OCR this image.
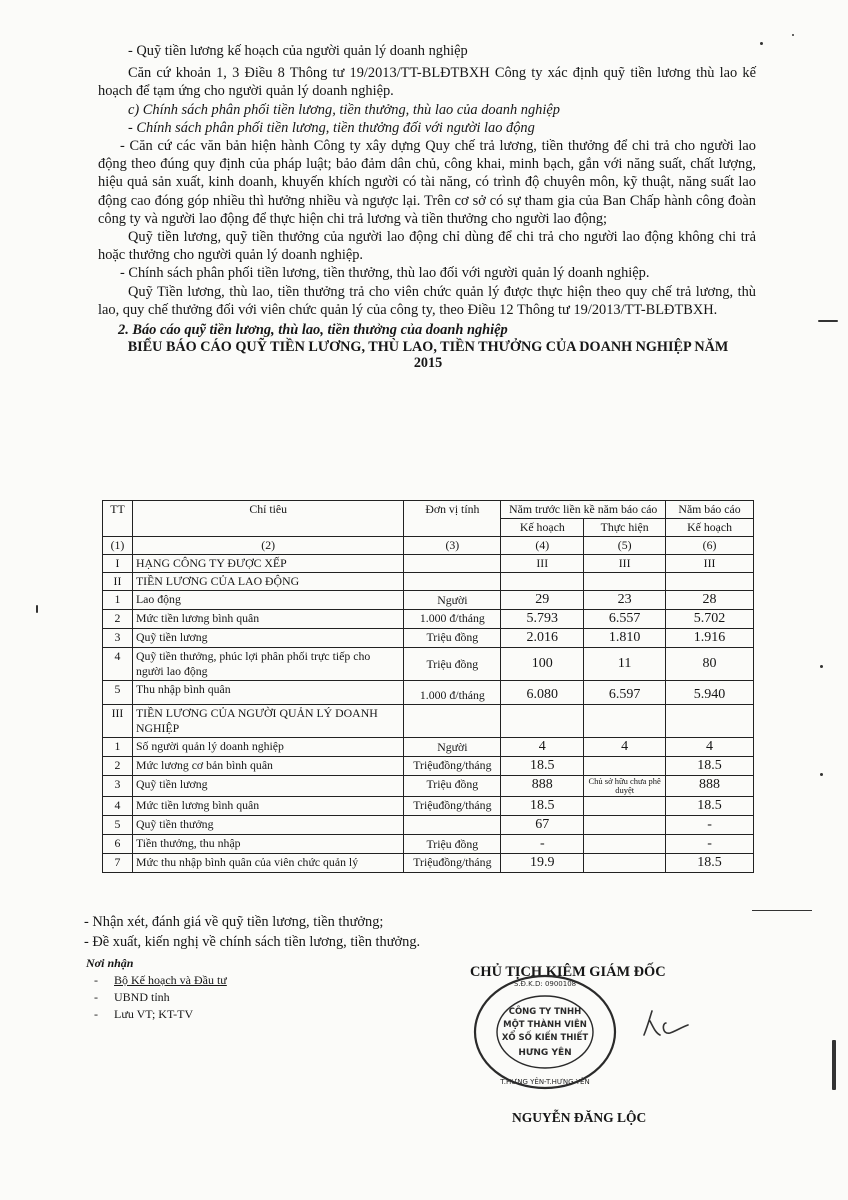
- Quỹ tiền lương kế hoạch của người quản lý doanh nghiệp

Căn cứ khoản 1, 3 Điều 8 Thông tư 19/2013/TT-BLĐTBXH Công ty xác định quỹ tiền lương thù lao kế hoạch để tạm ứng cho người quản lý doanh nghiệp.

c) Chính sách phân phối tiền lương, tiền thưởng, thù lao của doanh nghiệp

- Chính sách phân phối tiền lương, tiền thưởng đối với người lao động

- Căn cứ các văn bản hiện hành Công ty xây dựng Quy chế trả lương, tiền thưởng để chi trả cho người lao động theo đúng quy định của pháp luật; bảo đảm dân chủ, công khai, minh bạch, gắn với năng suất, chất lượng, hiệu quả sản xuất, kinh doanh, khuyến khích người có tài năng, có trình độ chuyên môn, kỹ thuật, năng suất lao động cao đóng góp nhiều thì hưởng nhiều và ngược lại. Trên cơ sở có sự tham gia của Ban Chấp hành công đoàn công ty và người lao động để thực hiện chi trả lương và tiền thưởng cho người lao động;

Quỹ tiền lương, quỹ tiền thưởng của người lao động chỉ dùng để chi trả cho người lao động không chi trả hoặc thưởng cho người quản lý doanh nghiệp.

- Chính sách phân phối tiền lương, tiền thưởng, thù lao đối với người quản lý doanh nghiệp.

Quỹ Tiền lương, thù lao, tiền thưởng trả cho viên chức quản lý được thực hiện theo quy chế trả lương, thù lao, quy chế thưởng đối với viên chức quản lý của công ty, theo Điều 12 Thông tư 19/2013/TT-BLĐTBXH.

2. Báo cáo quỹ tiền lương, thù lao, tiền thưởng của doanh nghiệp

BIỂU BÁO CÁO QUỸ TIỀN LƯƠNG, THÙ LAO, TIỀN THƯỞNG CỦA DOANH NGHIỆP NĂM 2015

TT	Chỉ tiêu	Đơn vị tính	Năm trước liền kề năm báo cáo		Năm báo cáo
			Kế hoạch	Thực hiện	Kế hoạch
(1)	(2)	(3)	(4)	(5)	(6)
I	HẠNG CÔNG TY ĐƯỢC XẾP		III	III	III
II	TIỀN LƯƠNG CỦA LAO ĐỘNG				
1	Lao động	Người	29	23	28
2	Mức tiền lương bình quân	1.000 đ/tháng	5.793	6.557	5.702
3	Quỹ tiền lương	Triệu đồng	2.016	1.810	1.916
4	Quỹ tiền thưởng, phúc lợi phân phối trực tiếp cho người lao động	Triệu đồng	100	11	80
5	Thu nhập bình quân	1.000 đ/tháng	6.080	6.597	5.940
III	TIỀN LƯƠNG CỦA NGƯỜI QUẢN LÝ DOANH NGHIỆP				
1	Số người quản lý doanh nghiệp	Người	4	4	4
2	Mức lương cơ bản bình quân	Triệuđồng/tháng	18.5		18.5
3	Quỹ tiền lương	Triệu đồng	888	Chủ sở hữu chưa phê duyệt	888
4	Mức tiền lương bình quân	Triệuđồng/tháng	18.5		18.5
5	Quỹ tiền thưởng		67		-
6	Tiền thưởng, thu nhập	Triệu đồng	-		-
7	Mức thu nhập bình quân của viên chức quản lý	Triệuđồng/tháng	19.9		18.5
- Nhận xét, đánh giá về quỹ tiền lương, tiền thưởng;
- Đề xuất, kiến nghị về chính sách tiền lương, tiền thưởng.
Nơi nhận
- Bộ Kế hoạch và Đầu tư
- UBND tỉnh
- Lưu VT; KT-TV
CHỦ TỊCH KIÊM GIÁM ĐỐC
CÔNG TY TNHH
MỘT THÀNH VIÊN
XỔ SỐ KIẾN THIẾT
HƯNG YÊN
S.Đ.K.D: 0900108
T.HƯNG YÊN-T.HƯNG YÊN
NGUYỄN ĐĂNG LỘC
